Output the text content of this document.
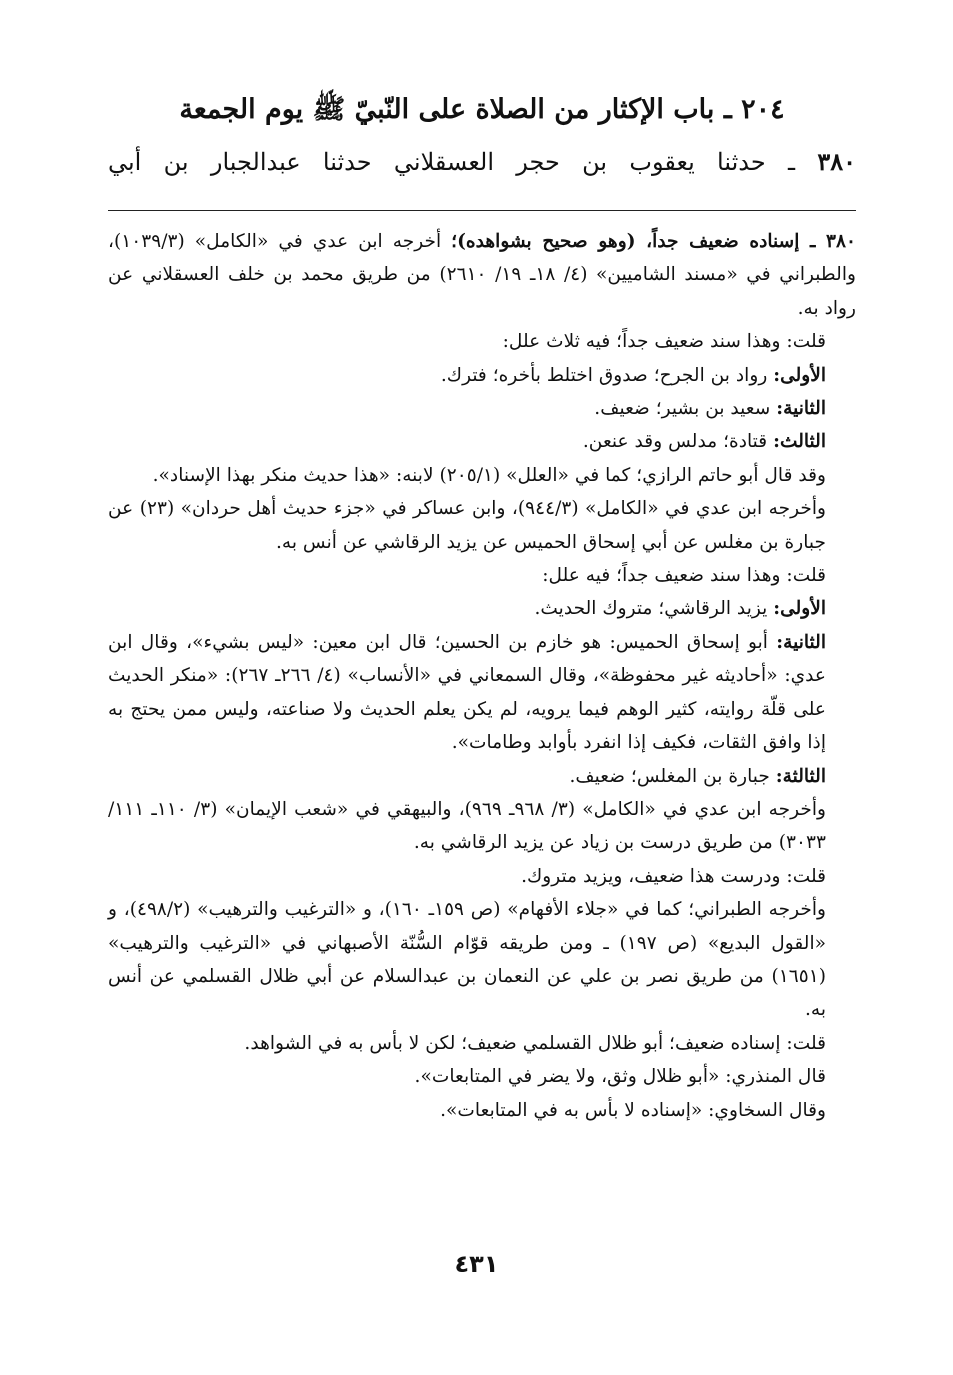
٢٠٤ ـ باب الإكثار من الصلاة على النّبيّ ﷺ يوم الجمعة

٣٨٠ ـ حدثنا يعقوب بن حجر العسقلاني حدثنا عبدالجبار بن أبي

٣٨٠ ـ إسناده ضعيف جداً، (وهو صحيح بشواهده)؛ أخرجه ابن عدي في «الكامل» (١٠٣٩/٣)، والطبراني في «مسند الشاميين» (٤/ ١٨ـ ١٩/ ٢٦١٠) من طريق محمد بن خلف العسقلاني عن رواد به.

قلت: وهذا سند ضعيف جداً؛ فيه ثلاث علل:

الأولى: رواد بن الجرح؛ صدوق اختلط بأخره؛ فترك.

الثانية: سعيد بن بشير؛ ضعيف.

الثالث: قتادة؛ مدلس وقد عنعن.

وقد قال أبو حاتم الرازي؛ كما في «العلل» (٢٠٥/١) لابنه: «هذا حديث منكر بهذا الإسناد».

وأخرجه ابن عدي في «الكامل» (٩٤٤/٣)، وابن عساكر في «جزء حديث أهل حردان» (٢٣) عن جبارة بن مغلس عن أبي إسحاق الحميس عن يزيد الرقاشي عن أنس به.

قلت: وهذا سند ضعيف جداً؛ فيه علل:

الأولى: يزيد الرقاشي؛ متروك الحديث.

الثانية: أبو إسحاق الحميس: هو خازم بن الحسين؛ قال ابن معين: «ليس بشيء»، وقال ابن عدي: «أحاديثه غير محفوظة»، وقال السمعاني في «الأنساب» (٤/ ٢٦٦ـ ٢٦٧): «منكر الحديث على قلّة روايته، كثير الوهم فيما يرويه، لم يكن يعلم الحديث ولا صناعته، وليس ممن يحتج به إذا وافق الثقات، فكيف إذا انفرد بأوابد وطامات».

الثالثة: جبارة بن المغلس؛ ضعيف.

وأخرجه ابن عدي في «الكامل» (٣/ ٩٦٨ـ ٩٦٩)، والبيهقي في «شعب الإيمان» (٣/ ١١٠ـ ١١١/ ٣٠٣٣) من طريق درست بن زياد عن يزيد الرقاشي به.

قلت: ودرست هذا ضعيف، ويزيد متروك.

وأخرجه الطبراني؛ كما في «جلاء الأفهام» (ص ١٥٩ـ ١٦٠)، و «الترغيب والترهيب» (٤٩٨/٢)، و «القول البديع» (ص ١٩٧) ـ ومن طريقه قوّام السُّنّة الأصبهاني في «الترغيب والترهيب» (١٦٥١) من طريق نصر بن علي عن النعمان بن عبدالسلام عن أبي ظلال القسلمي عن أنس به.

قلت: إسناده ضعيف؛ أبو ظلال القسلمي ضعيف؛ لكن لا بأس به في الشواهد.

قال المنذري: «أبو ظلال وثق، ولا يضر في المتابعات».

وقال السخاوي: «إسناده لا بأس به في المتابعات».

٤٣١
